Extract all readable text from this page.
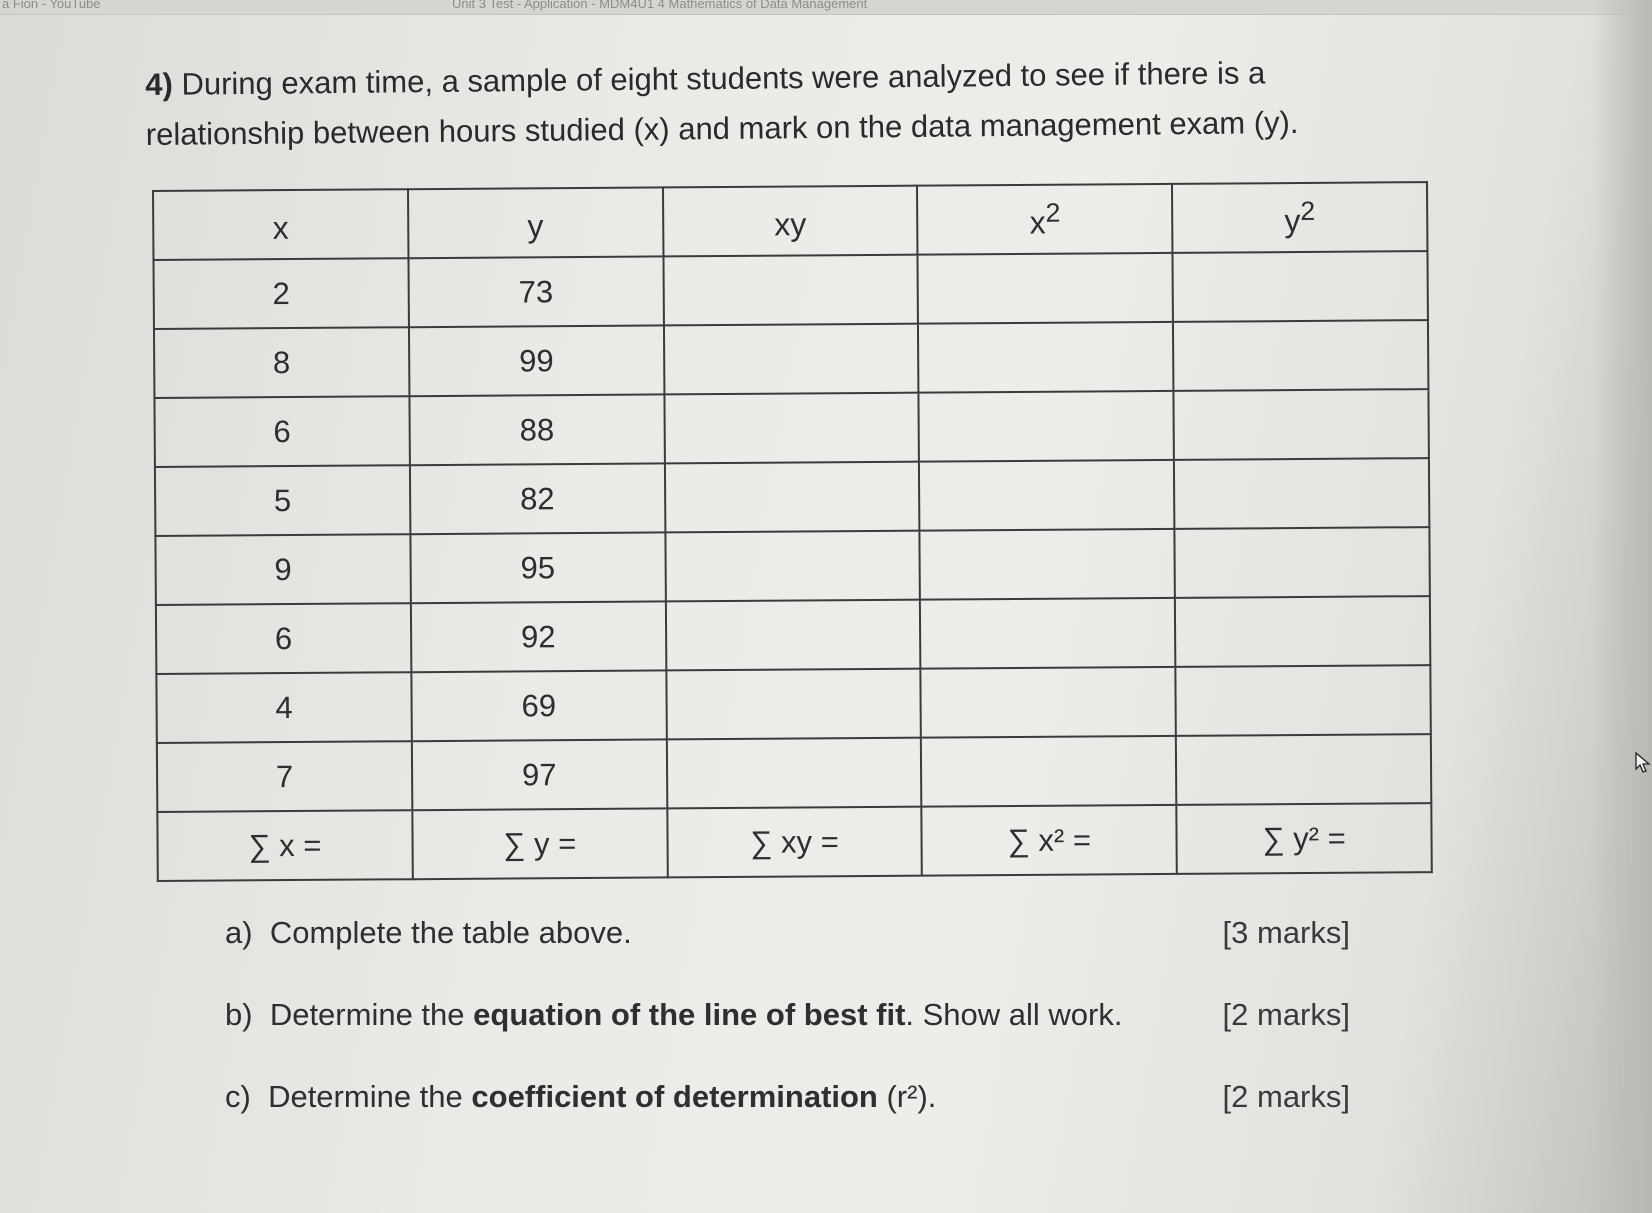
a Fion - YouTube	Unit 3 Test - Application - MDM4U1 4 Mathematics of Data Management
4) During exam time, a sample of eight students were analyzed to see if there is a relationship between hours studied (x) and mark on the data management exam (y).
x	y	xy	$x^2$	$y^2$
2	73			
8	99			
6	88			
5	82			
9	95			
6	92			
4	69			
7	97			
∑ x =	∑ y =	∑ xy =	∑ x² =	∑ y² =
a) Complete the table above.	[3 marks]
b) Determine the equation of the line of best fit. Show all work.	[2 marks]
c) Determine the coefficient of determination (r²).	[2 marks]
